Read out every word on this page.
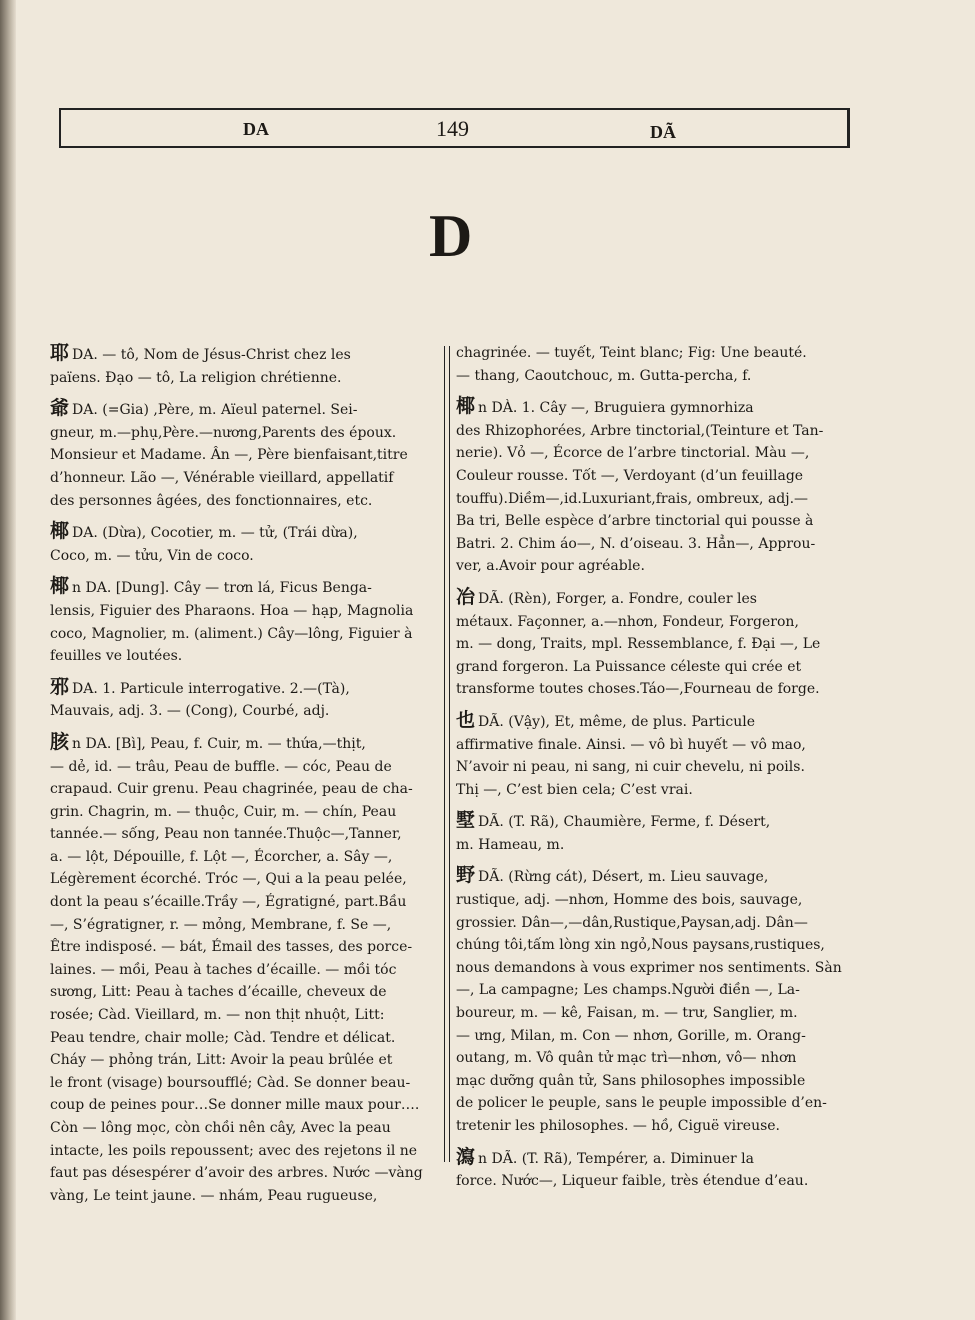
DA	149	DÃ
D
耶 DA. — tô, Nom de Jésus-Christ chez les
païens. Đạo — tô, La religion chrétienne.
爺 DA. (=Gia) ,Père, m. Aïeul paternel. Sei-
gneur, m.—phụ,Père.—nương,Parents des époux.
Monsieur et Madame. Ân —, Père bienfaisant,titre
d’honneur. Lão —, Vénérable vieillard, appellatif
des personnes âgées, des fonctionnaires, etc.
椰 DA. (Dừa), Cocotier, m. — tử, (Trái dừa),
Coco, m. — tửu, Vin de coco.
椰 n DA. [Dung]. Cây — trơn lá, Ficus Benga-
lensis, Figuier des Pharaons. Hoa — hạp, Magnolia
coco, Magnolier, m. (aliment.) Cây—lông, Figuier à
feuilles ve loutées.
邪 DA. 1. Particule interrogative. 2.—(Tà),
Mauvais, adj. 3. — (Cong), Courbé, adj.
胲 n DA. [Bì], Peau, f. Cuir, m. — thứa,—thịt,
— dẻ, id. — trâu, Peau de buffle. — cóc, Peau de
crapaud. Cuir grenu. Peau chagrinée, peau de cha-
grin. Chagrin, m. — thuộc, Cuir, m. — chín, Peau
tannée.— sống, Peau non tannée.Thuộc—,Tanner,
a. — lột, Dépouille, f. Lột —, Écorcher, a. Sây —,
Légèrement écorché. Tróc —, Qui a la peau pelée,
dont la peau s’écaille.Trầy —, Égratigné, part.Bầu
—, S’égratigner, r. — mỏng, Membrane, f. Se —,
Être indisposé. — bát, Émail des tasses, des porce-
laines. — mồi, Peau à taches d’écaille. — mồi tóc
sương, Litt: Peau à taches d’écaille, cheveux de
rosée; Càd. Vieillard, m. — non thịt nhuột, Litt:
Peau tendre, chair molle; Càd. Tendre et délicat.
Cháy — phỏng trán, Litt: Avoir la peau brûlée et
le front (visage) boursoufflé; Càd. Se donner beau-
coup de peines pour…Se donner mille maux pour….
Còn — lông mọc, còn chồi nên cây, Avec la peau
intacte, les poils repoussent; avec des rejetons il ne
faut pas désespérer d’avoir des arbres. Nước —vàng
vàng, Le teint jaune. — nhám, Peau rugueuse,
chagrinée. — tuyết, Teint blanc; Fig: Une beauté.
— thang, Caoutchouc, m. Gutta-percha, f.
椰 n DÀ. 1. Cây —, Bruguiera gymnorhiza
des Rhizophorées, Arbre tinctorial,(Teinture et Tan-
nerie). Vỏ —, Écorce de l’arbre tinctorial. Màu —,
Couleur rousse. Tốt —, Verdoyant (d’un feuillage
touffu).Diềm—,id.Luxuriant,frais, ombreux, adj.—
Ba tri, Belle espèce d’arbre tinctorial qui pousse à
Batri. 2. Chim áo—, N. d’oiseau. 3. Hẳn—, Approu-
ver, a.Avoir pour agréable.
冶 DÃ. (Rèn), Forger, a. Fondre, couler les
métaux. Façonner, a.—nhơn, Fondeur, Forgeron,
m. — dong, Traits, mpl. Ressemblance, f. Đại —, Le
grand forgeron. La Puissance céleste qui crée et
transforme toutes choses.Táo—,Fourneau de forge.
也 DÃ. (Vậy), Et, même, de plus. Particule
affirmative finale. Ainsi. — vô bì huyết — vô mao,
N’avoir ni peau, ni sang, ni cuir chevelu, ni poils.
Thị —, C’est bien cela; C’est vrai.
墅 DÃ. (T. Rã), Chaumière, Ferme, f. Désert,
m. Hameau, m.
野 DÃ. (Rừng cát), Désert, m. Lieu sauvage,
rustique, adj. —nhơn, Homme des bois, sauvage,
grossier. Dân—,—dân,Rustique,Paysan,adj. Dân—
chúng tôi,tấm lòng xin ngỏ,Nous paysans,rustiques,
nous demandons à vous exprimer nos sentiments. Sàn
—, La campagne; Les champs.Người điền —, La-
boureur, m. — kê, Faisan, m. — trư, Sanglier, m.
— ưng, Milan, m. Con — nhơn, Gorille, m. Orang-
outang, m. Vô quân tử mạc trì—nhơn, vô— nhơn
mạc dưỡng quân tử, Sans philosophes impossible
de policer le peuple, sans le peuple impossible d’en-
tretenir les philosophes. — hồ, Ciguë vireuse.
瀉 n DÃ. (T. Rã), Tempérer, a. Diminuer la
force. Nước—, Liqueur faible, très étendue d’eau.
